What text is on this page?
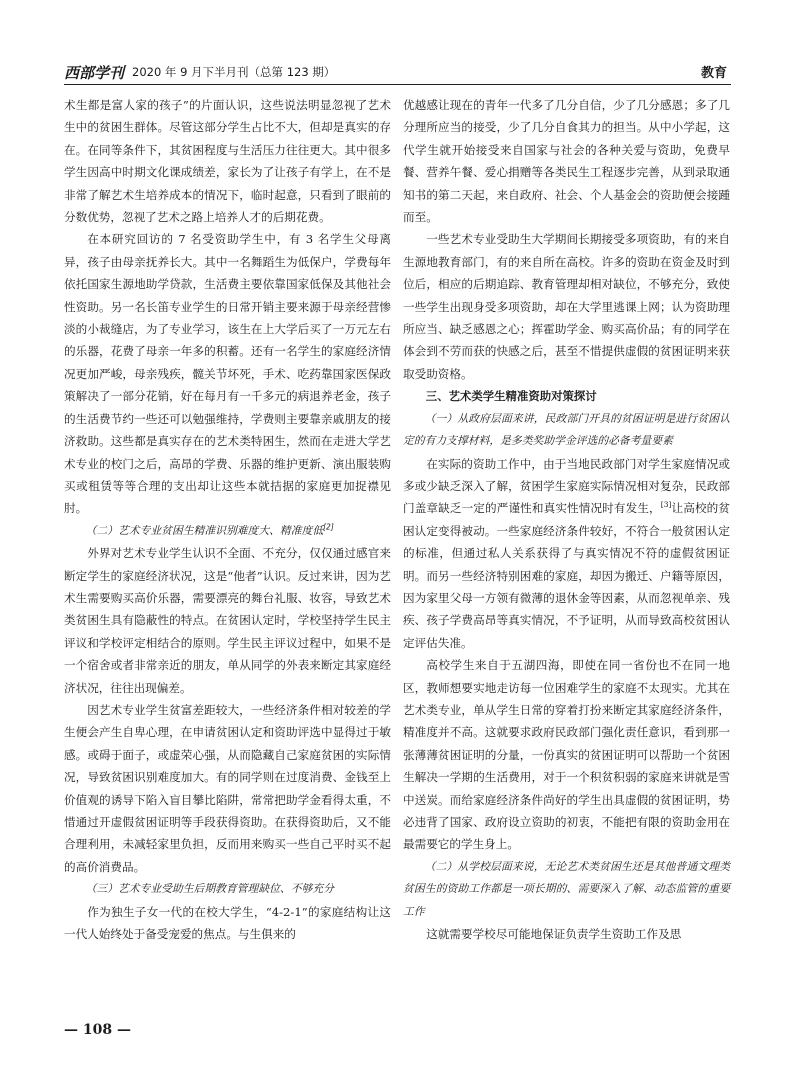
西部学刊 2020 年 9 月下半月刊（总第 123 期）	教育

术生都是富人家的孩子”的片面认识，这些说法明显忽视了艺术生中的贫困生群体。尽管这部分学生占比不大，但却是真实的存在。在同等条件下，其贫困程度与生活压力往往更大。其中很多学生因高中时期文化课成绩差，家长为了让孩子有学上，在不是非常了解艺术生培养成本的情况下，临时起意，只看到了眼前的分数优势，忽视了艺术之路上培养人才的后期花费。

在本研究回访的 7 名受资助学生中，有 3 名学生父母离异，孩子由母亲抚养长大。其中一名舞蹈生为低保户，学费每年依托国家生源地助学贷款，生活费主要依靠国家低保及其他社会性资助。另一名长笛专业学生的日常开销主要来源于母亲经营惨淡的小裁缝店，为了专业学习，该生在上大学后买了一万元左右的乐器，花费了母亲一年多的积蓄。还有一名学生的家庭经济情况更加严峻，母亲残疾，髋关节坏死，手术、吃药靠国家医保政策解决了一部分花销，好在每月有一千多元的病退养老金，孩子的生活费节约一些还可以勉强维持，学费则主要靠亲戚朋友的接济救助。这些都是真实存在的艺术类特困生，然而在走进大学艺术专业的校门之后，高昂的学费、乐器的维护更新、演出服装购买或租赁等等合理的支出却让这些本就拮据的家庭更加捉襟见肘。

（二）艺术专业贫困生精准识别难度大、精准度低[2]

外界对艺术专业学生认识不全面、不充分，仅仅通过感官来断定学生的家庭经济状况，这是“他者”认识。反过来讲，因为艺术生需要购买高价乐器，需要漂亮的舞台礼服、妆容，导致艺术类贫困生具有隐蔽性的特点。在贫困认定时，学校坚持学生民主评议和学校评定相结合的原则。学生民主评议过程中，如果不是一个宿舍或者非常亲近的朋友，单从同学的外表来断定其家庭经济状况，往往出现偏差。

因艺术专业学生贫富差距较大，一些经济条件相对较差的学生便会产生自卑心理，在申请贫困认定和资助评选中显得过于敏感。或碍于面子，或虚荣心强，从而隐藏自己家庭贫困的实际情况，导致贫困识别难度加大。有的同学则在过度消费、金钱至上价值观的诱导下陷入盲目攀比陷阱，常常把助学金看得太重，不惜通过开虚假贫困证明等手段获得资助。在获得资助后，又不能合理利用，未减轻家里负担，反而用来购买一些自己平时买不起的高价消费品。

（三）艺术专业受助生后期教育管理缺位、不够充分

作为独生子女一代的在校大学生，“4-2-1”的家庭结构让这一代人始终处于备受宠爱的焦点。与生俱来的

优越感让现在的青年一代多了几分自信，少了几分感恩；多了几分理所应当的接受，少了几分自食其力的担当。从中小学起，这代学生就开始接受来自国家与社会的各种关爱与资助，免费早餐、营养午餐、爱心捐赠等各类民生工程逐步完善，从到录取通知书的第二天起，来自政府、社会、个人基金会的资助便会接踵而至。

一些艺术专业受助生大学期间长期接受多项资助，有的来自生源地教育部门，有的来自所在高校。许多的资助在资金及时到位后，相应的后期追踪、教育管理却相对缺位，不够充分，致使一些学生出现身受多项资助，却在大学里逃课上网；认为资助理所应当、缺乏感恩之心；挥霍助学金、购买高价品；有的同学在体会到不劳而获的快感之后，甚至不惜提供虚假的贫困证明来获取受助资格。

三、艺术类学生精准资助对策探讨

（一）从政府层面来讲，民政部门开具的贫困证明是进行贫困认定的有力支撑材料，是多类奖助学金评选的必备考量要素

在实际的资助工作中，由于当地民政部门对学生家庭情况或多或少缺乏深入了解，贫困学生家庭实际情况相对复杂，民政部门盖章缺乏一定的严谨性和真实性情况时有发生，[3]让高校的贫困认定变得被动。一些家庭经济条件较好，不符合一般贫困认定的标准，但通过私人关系获得了与真实情况不符的虚假贫困证明。而另一些经济特别困难的家庭，却因为搬迁、户籍等原因，因为家里父母一方领有微薄的退休金等因素，从而忽视单亲、残疾、孩子学费高昂等真实情况，不予证明，从而导致高校贫困认定评估失准。

高校学生来自于五湖四海，即使在同一省份也不在同一地区，教师想要实地走访每一位困难学生的家庭不太现实。尤其在艺术类专业，单从学生日常的穿着打扮来断定其家庭经济条件，精准度并不高。这就要求政府民政部门强化责任意识，看到那一张薄薄贫困证明的分量，一份真实的贫困证明可以帮助一个贫困生解决一学期的生活费用，对于一个积贫积弱的家庭来讲就是雪中送炭。而给家庭经济条件尚好的学生出具虚假的贫困证明，势必违背了国家、政府设立资助的初衷，不能把有限的资助金用在最需要它的学生身上。

（二）从学校层面来说，无论艺术类贫困生还是其他普通文理类贫困生的资助工作都是一项长期的、需要深入了解、动态监管的重要工作

这就需要学校尽可能地保证负责学生资助工作及思

— 108 —
